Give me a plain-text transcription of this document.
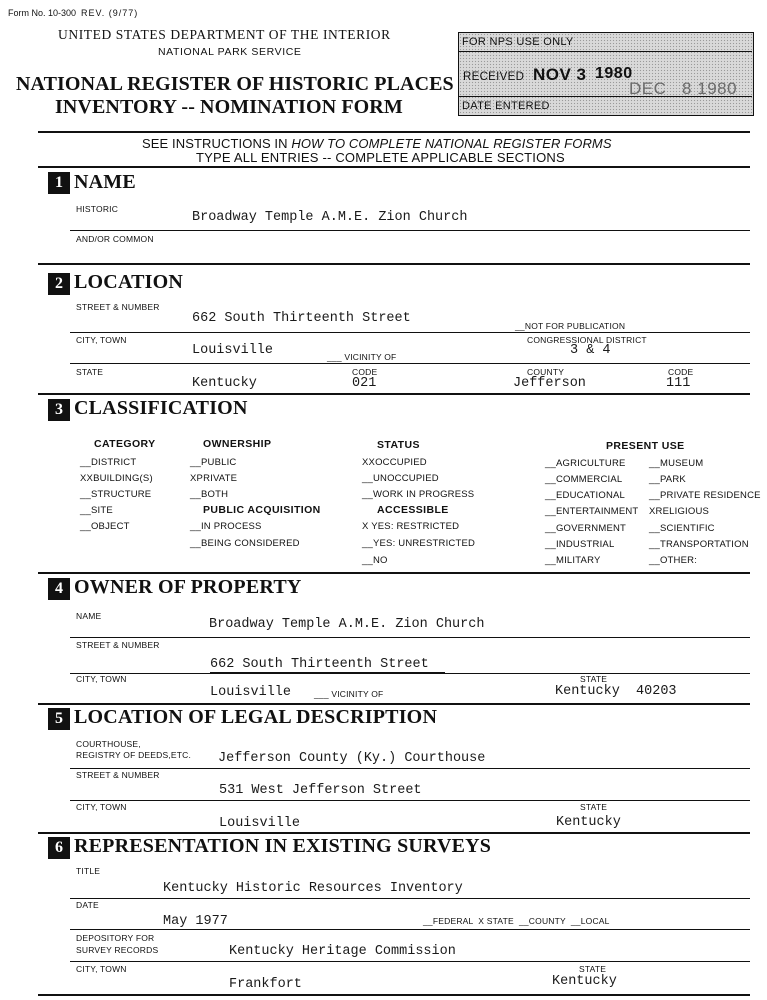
Form No. 10-300 REV. (9/77)
UNITED STATES DEPARTMENT OF THE INTERIOR
NATIONAL PARK SERVICE
NATIONAL REGISTER OF HISTORIC PLACES
INVENTORY -- NOMINATION FORM
FOR NPS USE ONLY
RECEIVED NOV 3 1980
DEC   8 1980
DATE ENTERED
SEE INSTRUCTIONS IN HOW TO COMPLETE NATIONAL REGISTER FORMS
TYPE ALL ENTRIES -- COMPLETE APPLICABLE SECTIONS
1 NAME
HISTORIC
Broadway Temple A.M.E. Zion Church
AND/OR COMMON
2 LOCATION
STREET & NUMBER
662 South Thirteenth Street	__NOT FOR PUBLICATION
CITY, TOWN
Louisville	___ VICINITY OF
CONGRESSIONAL DISTRICT
3 & 4
STATE
Kentucky
CODE
021
COUNTY
Jefferson
CODE
111
3 CLASSIFICATION
CATEGORY
__DISTRICT
XXBUILDING(S)
__STRUCTURE
__SITE
__OBJECT
OWNERSHIP
__PUBLIC
XPRIVATE
__BOTH
PUBLIC ACQUISITION
__IN PROCESS
__BEING CONSIDERED
STATUS
XXOCCUPIED
__UNOCCUPIED
__WORK IN PROGRESS
ACCESSIBLE
X YES: RESTRICTED
__YES: UNRESTRICTED
__NO
PRESENT USE
__AGRICULTURE
__COMMERCIAL
__EDUCATIONAL
__ENTERTAINMENT
__GOVERNMENT
__INDUSTRIAL
__MILITARY
__MUSEUM
__PARK
__PRIVATE RESIDENCE
XRELIGIOUS
__SCIENTIFIC
__TRANSPORTATION
__OTHER:
4 OWNER OF PROPERTY
NAME
Broadway Temple A.M.E. Zion Church
STREET & NUMBER
662 South Thirteenth Street
CITY, TOWN
Louisville	___ VICINITY OF
STATE
Kentucky  40203
5 LOCATION OF LEGAL DESCRIPTION
COURTHOUSE,
REGISTRY OF DEEDS,ETC. Jefferson County (Ky.) Courthouse
STREET & NUMBER
531 West Jefferson Street
CITY, TOWN
Louisville
STATE
Kentucky
6 REPRESENTATION IN EXISTING SURVEYS
TITLE
Kentucky Historic Resources Inventory
DATE
May 1977	__FEDERAL  X STATE  __COUNTY  __LOCAL
DEPOSITORY FOR
SURVEY RECORDS	Kentucky Heritage Commission
CITY, TOWN
Frankfort
STATE
Kentucky
